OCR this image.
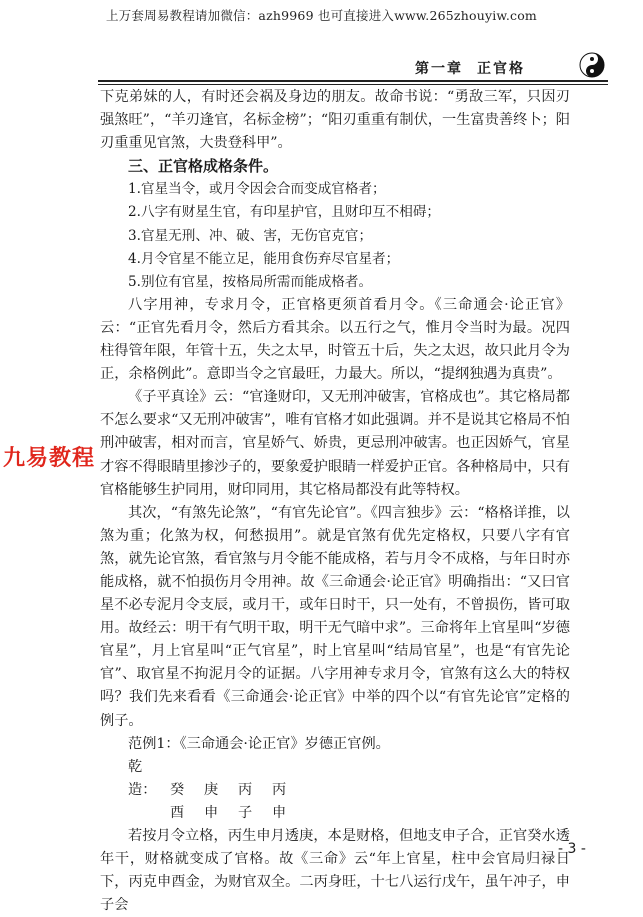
上万套周易教程请加微信：azh9969 也可直接进入www.265zhouyiw.com
第一章 正官格

下克弟妹的人，有时还会祸及身边的朋友。故命书说：“勇敌三军，只因刃强煞旺”，“羊刃逢官，名标金榜”；“阳刃重重有制伏，一生富贵善终卜；阳刃重重见官煞，大贵登科甲”。

三、正官格成格条件。

1.官星当令，或月令因会合而变成官格者；

2.八字有财星生官，有印星护官，且财印互不相碍；

3.官星无刑、冲、破、害，无伤官克官；

4.月令官星不能立足，能用食伤弃尽官星者；

5.别位有官星，按格局所需而能成格者。

八字用神，专求月令，正官格更须首看月令。《三命通会·论正官》云：“正官先看月令，然后方看其余。以五行之气，惟月令当时为最。况四柱得管年限，年管十五，失之太早，时管五十后，失之太迟，故只此月令为正，余格例此”。意即当令之官最旺，力最大。所以，“提纲独遇为真贵”。

《子平真诠》云：“官逢财印，又无刑冲破害，官格成也”。其它格局都不怎么要求“又无刑冲破害”，唯有官格才如此强调。并不是说其它格局不怕刑冲破害，相对而言，官星娇气、娇贵，更忌刑冲破害。也正因娇气，官星才容不得眼睛里掺沙子的，要象爱护眼睛一样爱护正官。各种格局中，只有官格能够生护同用，财印同用，其它格局都没有此等特权。

其次，“有煞先论煞”，“有官先论官”。《四言独步》云：“格格详推，以煞为重；化煞为权，何愁损用”。就是官煞有优先定格权，只要八字有官煞，就先论官煞，看官煞与月令能不能成格，若与月令不成格，与年日时亦能成格，就不怕损伤月令用神。故《三命通会·论正官》明确指出：“又曰官星不必专泥月令支辰，或月干，或年日时干，只一处有，不曾损伤，皆可取用。故经云：明干有气明干取，明干无气暗中求”。三命将年上官星叫“岁德官星”，月上官星叫“正气官星”，时上官星叫“结局官星”，也是“有官先论官”、取官星不拘泥月令的证据。八字用神专求月令，官煞有这么大的特权吗？我们先来看看《三命通会·论正官》中举的四个以“有官先论官”定格的例子。

范例1：《三命通会·论正官》岁德正官例。

乾造： 癸 庚 丙 丙

酉 申 子 申

若按月令立格，丙生申月透庚，本是财格，但地支申子合，正官癸水透年干，财格就变成了官格。故《三命》云“年上官星，柱中会官局归禄日下，丙克申酉金，为财官双全。二丙身旺，十七八运行戊午，虽午冲子，申子会

九易教程
- 3 -
